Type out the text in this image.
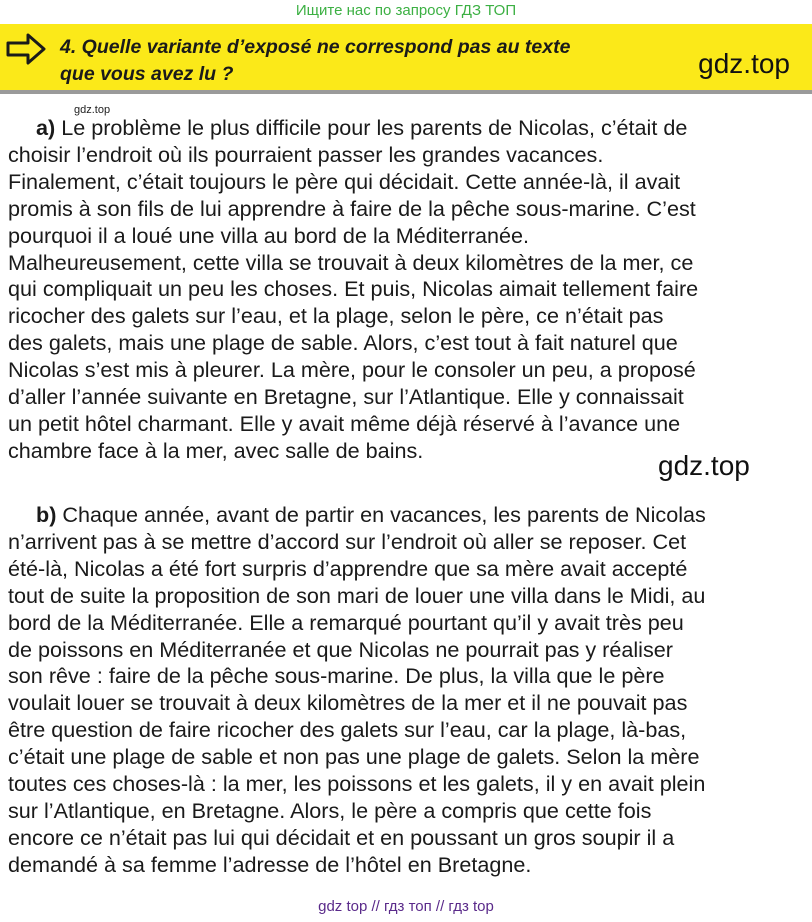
Ищите нас по запросу ГДЗ ТОП
4. Quelle variante d’exposé ne correspond pas au texte
que vous avez lu ?	gdz.top
gdz.top
a) Le problème le plus difficile pour les parents de Nicolas, c’était de
choisir l’endroit où ils pourraient passer les grandes vacances.
Finalement, c’était toujours le père qui décidait. Cette année-là, il avait
promis à son fils de lui apprendre à faire de la pêche sous-marine. C’est
pourquoi il a loué une villa au bord de la Méditerranée.
Malheureusement, cette villa se trouvait à deux kilomètres de la mer, ce
qui compliquait un peu les choses. Et puis, Nicolas aimait tellement faire
ricocher des galets sur l’eau, et la plage, selon le père, ce n’était pas
des galets, mais une plage de sable. Alors, c’est tout à fait naturel que
Nicolas s’est mis à pleurer. La mère, pour le consoler un peu, a proposé
d’aller l’année suivante en Bretagne, sur l’Atlantique. Elle y connaissait
un petit hôtel charmant. Elle y avait même déjà réservé à l’avance une
chambre face à la mer, avec salle de bains.	gdz.top
b) Chaque année, avant de partir en vacances, les parents de Nicolas
n’arrivent pas à se mettre d’accord sur l’endroit où aller se reposer. Cet
été-là, Nicolas a été fort surpris d’apprendre que sa mère avait accepté
tout de suite la proposition de son mari de louer une villa dans le Midi, au
bord de la Méditerranée. Elle a remarqué pourtant qu’il y avait très peu
de poissons en Méditerranée et que Nicolas ne pourrait pas y réaliser
son rêve : faire de la pêche sous-marine. De plus, la villa que le père
voulait louer se trouvait à deux kilomètres de la mer et il ne pouvait pas
être question de faire ricocher des galets sur l’eau, car la plage, là-bas,
c’était une plage de sable et non pas une plage de galets. Selon la mère
toutes ces choses-là : la mer, les poissons et les galets, il y en avait plein
sur l’Atlantique, en Bretagne. Alors, le père a compris que cette fois
encore ce n’était pas lui qui décidait et en poussant un gros soupir il a
demandé à sa femme l’adresse de l’hôtel en Bretagne.
gdz top // гдз топ // гдз top
